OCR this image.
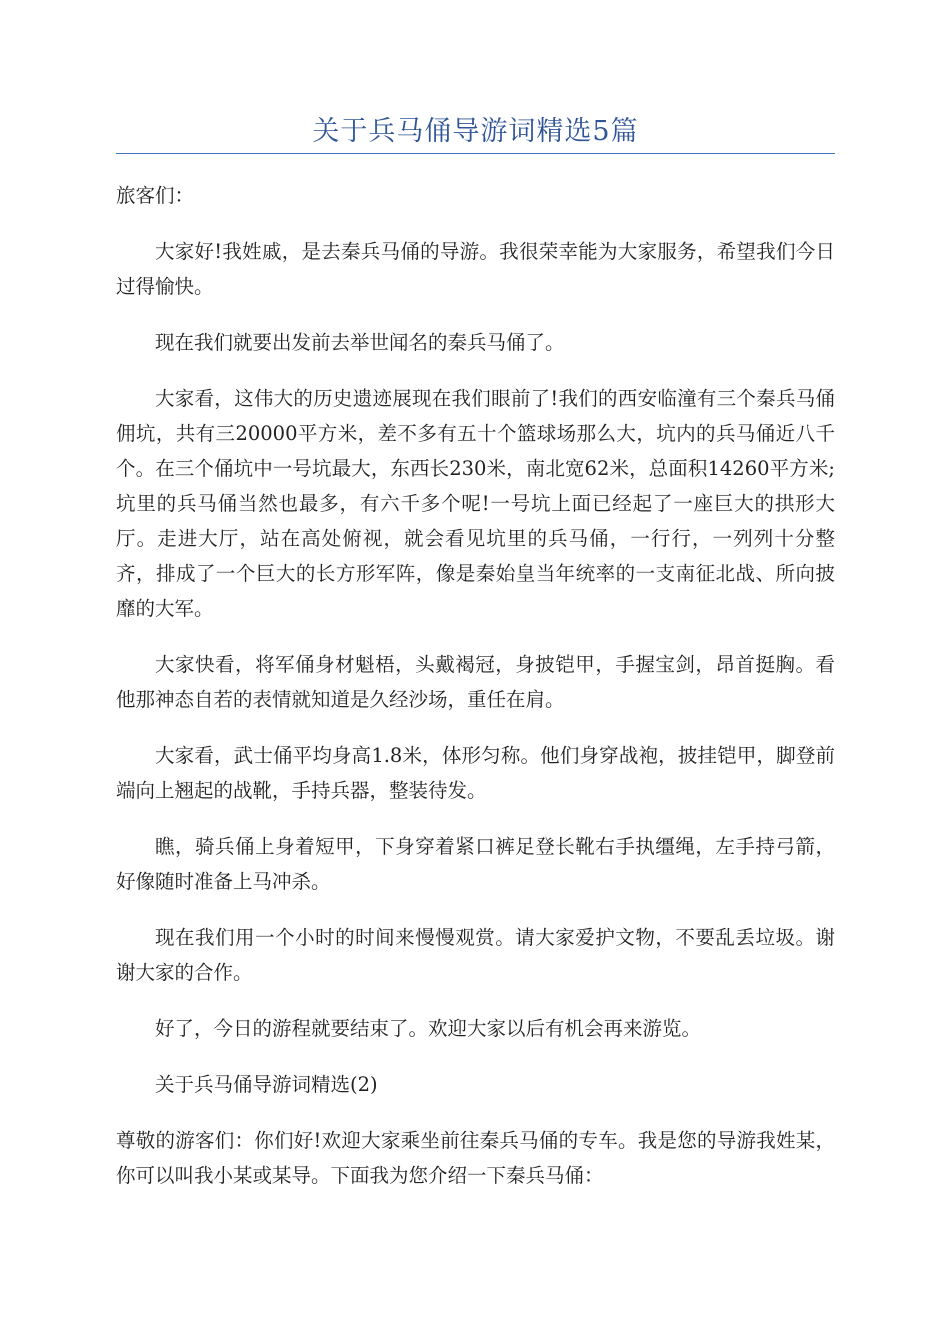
关于兵马俑导游词精选5篇

旅客们：

大家好!我姓戚，是去秦兵马俑的导游。我很荣幸能为大家服务，希望我们今日过得愉快。

现在我们就要出发前去举世闻名的秦兵马俑了。

大家看，这伟大的历史遗迹展现在我们眼前了!我们的西安临潼有三个秦兵马俑佣坑，共有三20000平方米，差不多有五十个篮球场那么大，坑内的兵马俑近八千个。在三个俑坑中一号坑最大，东西长230米，南北宽62米，总面积14260平方米;坑里的兵马俑当然也最多，有六千多个呢!一号坑上面已经起了一座巨大的拱形大厅。走进大厅，站在高处俯视，就会看见坑里的兵马俑，一行行，一列列十分整齐，排成了一个巨大的长方形军阵，像是秦始皇当年统率的一支南征北战、所向披靡的大军。

大家快看，将军俑身材魁梧，头戴褐冠，身披铠甲，手握宝剑，昂首挺胸。看他那神态自若的表情就知道是久经沙场，重任在肩。

大家看，武士俑平均身高1.8米，体形匀称。他们身穿战袍，披挂铠甲，脚登前端向上翘起的战靴，手持兵器，整装待发。

瞧，骑兵俑上身着短甲，下身穿着紧口裤足登长靴右手执缰绳，左手持弓箭，好像随时准备上马冲杀。

现在我们用一个小时的时间来慢慢观赏。请大家爱护文物，不要乱丢垃圾。谢谢大家的合作。

好了，今日的游程就要结束了。欢迎大家以后有机会再来游览。

关于兵马俑导游词精选(2)

尊敬的游客们：你们好!欢迎大家乘坐前往秦兵马俑的专车。我是您的导游我姓某，你可以叫我小某或某导。下面我为您介绍一下秦兵马俑：
